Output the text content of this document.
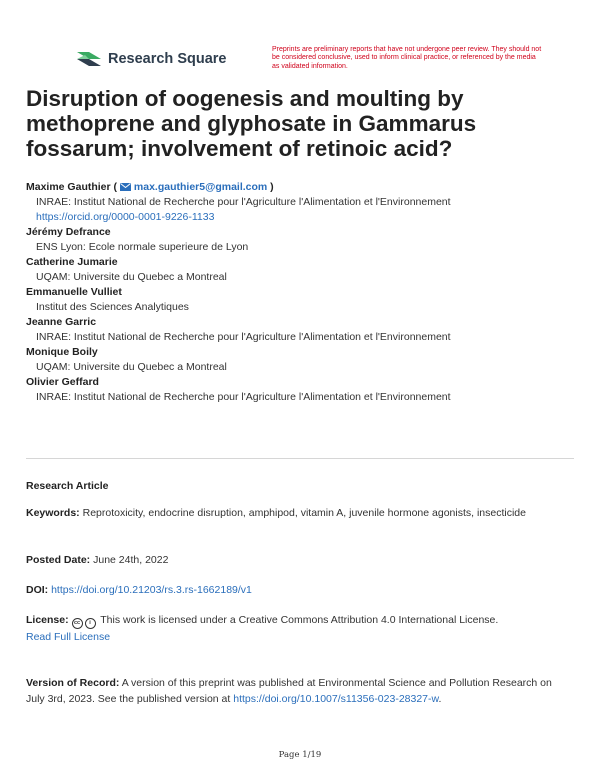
Research Square
Preprints are preliminary reports that have not undergone peer review. They should not be considered conclusive, used to inform clinical practice, or referenced by the media as validated information.
Disruption of oogenesis and moulting by methoprene and glyphosate in Gammarus fossarum; involvement of retinoic acid?
Maxime Gauthier (  max.gauthier5@gmail.com )
INRAE: Institut National de Recherche pour l'Agriculture l'Alimentation et l'Environnement
https://orcid.org/0000-0001-9226-1133
Jérémy Defrance
ENS Lyon: Ecole normale superieure de Lyon
Catherine Jumarie
UQAM: Universite du Quebec a Montreal
Emmanuelle Vulliet
Institut des Sciences Analytiques
Jeanne Garric
INRAE: Institut National de Recherche pour l'Agriculture l'Alimentation et l'Environnement
Monique Boily
UQAM: Universite du Quebec a Montreal
Olivier Geffard
INRAE: Institut National de Recherche pour l'Agriculture l'Alimentation et l'Environnement

Research Article

Keywords: Reprotoxicity, endocrine disruption, amphipod, vitamin A, juvenile hormone agonists, insecticide

Posted Date: June 24th, 2022

DOI: https://doi.org/10.21203/rs.3.rs-1662189/v1

License: cc i This work is licensed under a Creative Commons Attribution 4.0 International License.
Read Full License

Version of Record: A version of this preprint was published at Environmental Science and Pollution Research on July 3rd, 2023. See the published version at https://doi.org/10.1007/s11356-023-28327-w.

Page 1/19
